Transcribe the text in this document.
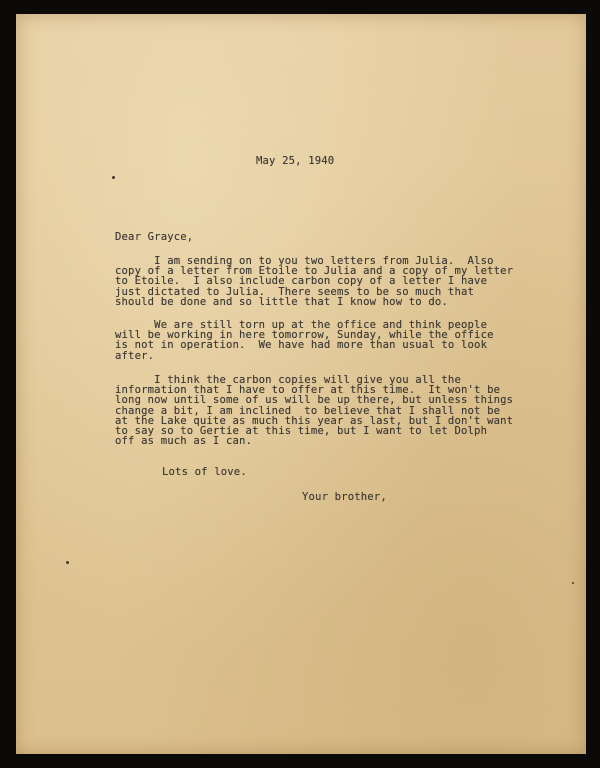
May 25, 1940
Dear Grayce,
I am sending on to you two letters from Julia.  Also
copy of a letter from Etoile to Julia and a copy of my letter
to Etoile.  I also include carbon copy of a letter I have
just dictated to Julia.  There seems to be so much that
should be done and so little that I know how to do.
We are still torn up at the office and think people
will be working in here tomorrow, Sunday, while the office
is not in operation.  We have had more than usual to look
after.
I think the carbon copies will give you all the
information that I have to offer at this time.  It won't be
long now until some of us will be up there, but unless things
change a bit, I am inclined  to believe that I shall not be
at the Lake quite as much this year as last, but I don't want
to say so to Gertie at this time, but I want to let Dolph
off as much as I can.
Lots of love.
Your brother,
